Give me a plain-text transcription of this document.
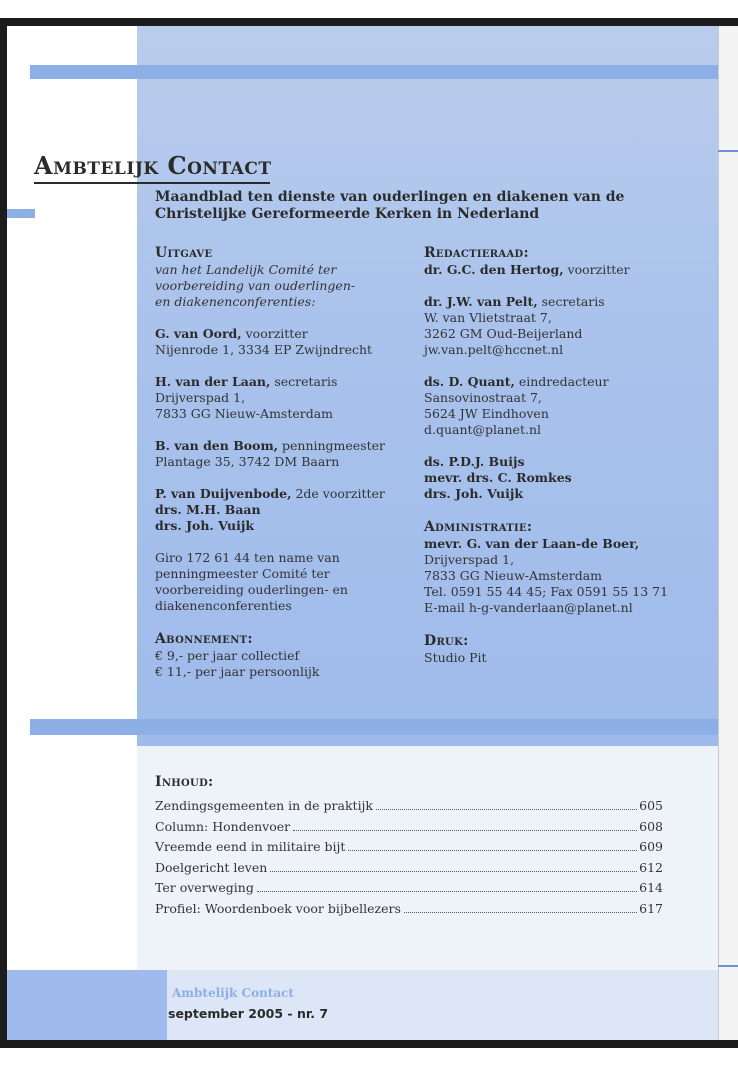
Ambtelijk Contact
Maandblad ten dienste van ouderlingen en diakenen van de
Christelijke Gereformeerde Kerken in Nederland
Uitgave
van het Landelijk Comité ter
voorbereiding van ouderlingen-
en diakenenconferenties:
G. van Oord, voorzitter
Nijenrode 1, 3334 EP Zwijndrecht
H. van der Laan, secretaris
Drijverspad 1,
7833 GG Nieuw-Amsterdam
B. van den Boom, penningmeester
Plantage 35, 3742 DM Baarn
P. van Duijvenbode, 2de voorzitter
drs. M.H. Baan
drs. Joh. Vuijk
Giro 172 61 44 ten name van
penningmeester Comité ter
voorbereiding ouderlingen- en
diakenenconferenties
Abonnement:
€ 9,- per jaar collectief
€ 11,- per jaar persoonlijk
Redactieraad:
dr. G.C. den Hertog, voorzitter
dr. J.W. van Pelt, secretaris
W. van Vlietstraat 7,
3262 GM Oud-Beijerland
jw.van.pelt@hccnet.nl
ds. D. Quant, eindredacteur
Sansovinostraat 7,
5624 JW Eindhoven
d.quant@planet.nl
ds. P.D.J. Buijs
mevr. drs. C. Romkes
drs. Joh. Vuijk
Administratie:
mevr. G. van der Laan-de Boer,
Drijverspad 1,
7833 GG Nieuw-Amsterdam
Tel. 0591 55 44 45; Fax 0591 55 13 71
E-mail h-g-vanderlaan@planet.nl
Druk:
Studio Pit
Inhoud:
Zendingsgemeenten in de praktijk	605
Column: Hondenvoer	608
Vreemde eend in militaire bijt	609
Doelgericht leven	612
Ter overweging	614
Profiel: Woordenboek voor bijbellezers	617
Ambtelijk Contact
september 2005 - nr. 7
